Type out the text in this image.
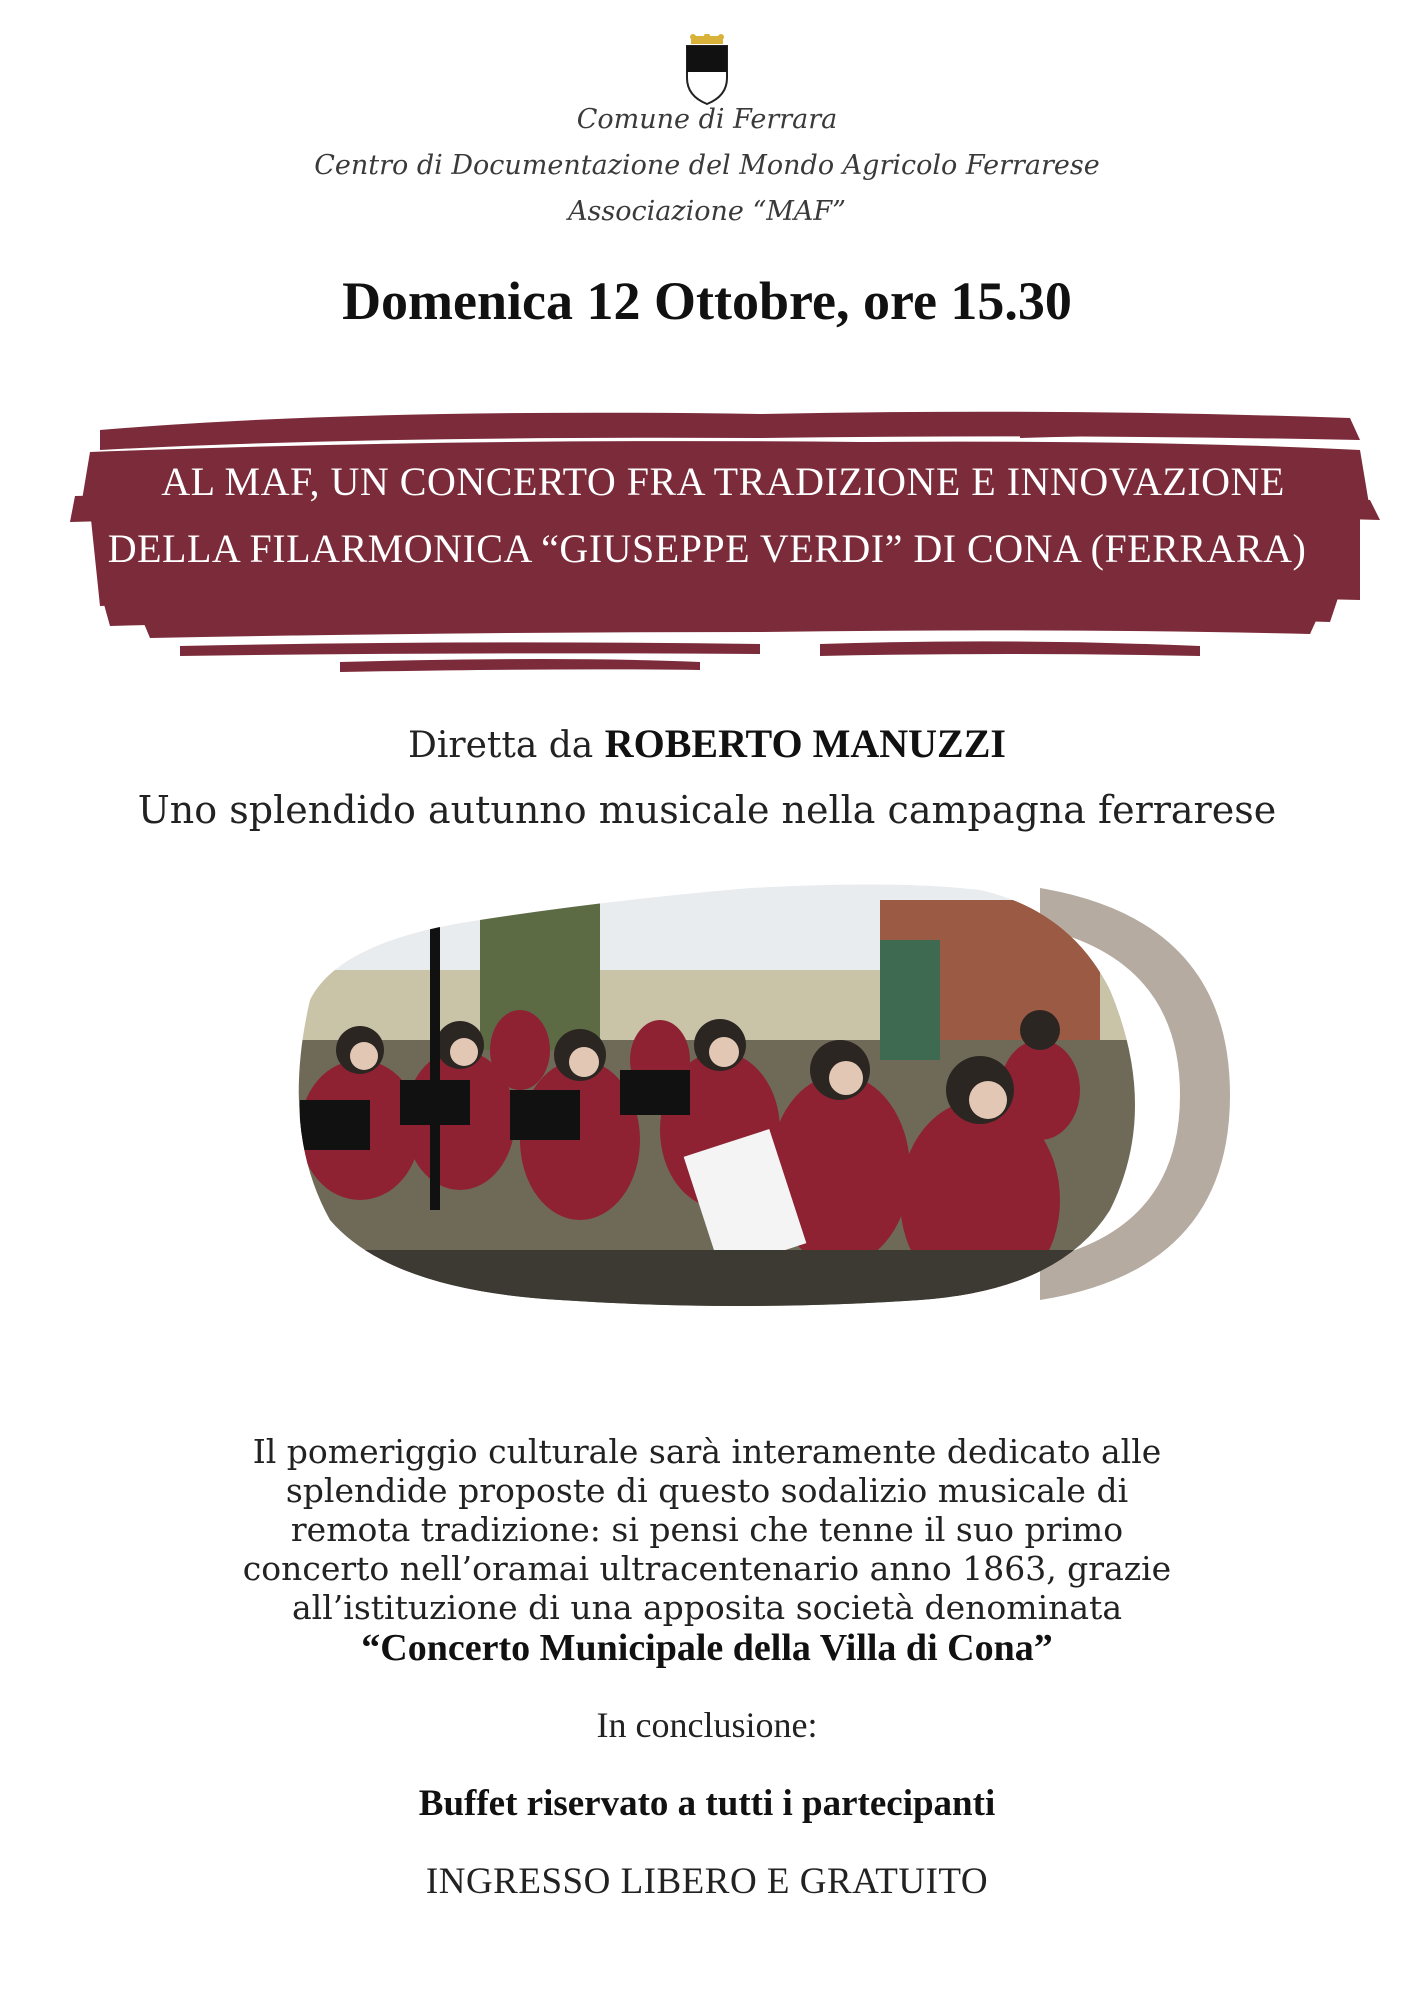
Comune di Ferrara
Centro di Documentazione del Mondo Agricolo Ferrarese
Associazione “MAF”
Domenica 12 Ottobre, ore 15.30
AL MAF, UN CONCERTO FRA TRADIZIONE E INNOVAZIONE
DELLA FILARMONICA “GIUSEPPE VERDI” DI CONA (FERRARA)
Diretta da ROBERTO MANUZZI
Uno splendido autunno musicale nella campagna ferrarese
Il pomeriggio culturale sarà interamente dedicato alle
splendide proposte di questo sodalizio musicale di
remota tradizione: si pensi che tenne il suo primo
concerto nell’oramai ultracentenario anno 1863, grazie
all’istituzione di una apposita società denominata
“Concerto Municipale della Villa di Cona”
In conclusione:
Buffet riservato a tutti i partecipanti
INGRESSO LIBERO E GRATUITO
